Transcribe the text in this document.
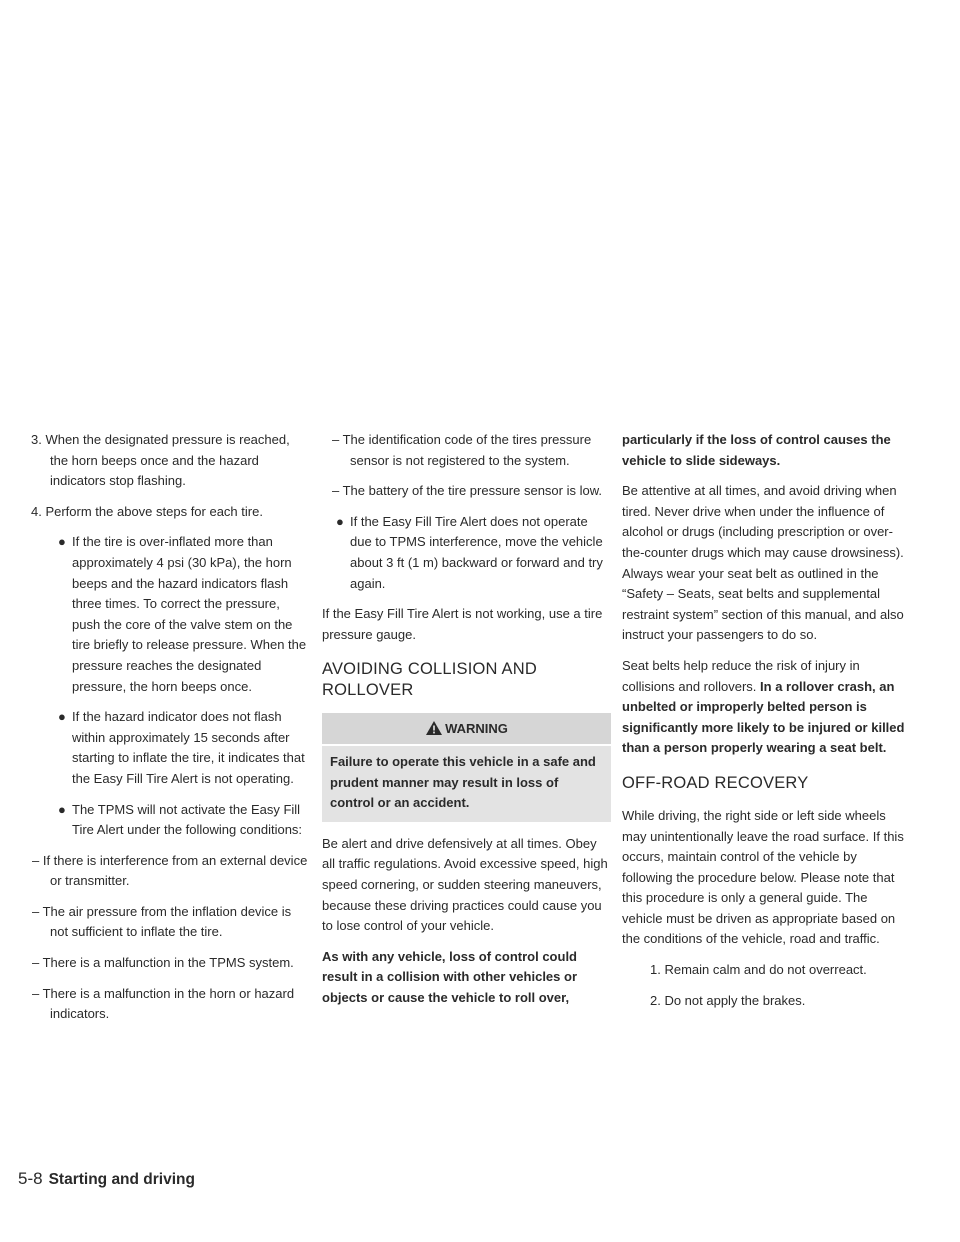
3. When the designated pressure is reached, the horn beeps once and the hazard indicators stop flashing.

4. Perform the above steps for each tire.

● If the tire is over-inflated more than approximately 4 psi (30 kPa), the horn beeps and the hazard indicators flash three times. To correct the pressure, push the core of the valve stem on the tire briefly to release pressure. When the pressure reaches the designated pressure, the horn beeps once.

● If the hazard indicator does not flash within approximately 15 seconds after starting to inflate the tire, it indicates that the Easy Fill Tire Alert is not operating.

● The TPMS will not activate the Easy Fill Tire Alert under the following conditions:

– If there is interference from an external device or transmitter.

– The air pressure from the inflation device is not sufficient to inflate the tire.

– There is a malfunction in the TPMS system.

– There is a malfunction in the horn or hazard indicators.

– The identification code of the tires pressure sensor is not registered to the system.

– The battery of the tire pressure sensor is low.

● If the Easy Fill Tire Alert does not operate due to TPMS interference, move the vehicle about 3 ft (1 m) backward or forward and try again.

If the Easy Fill Tire Alert is not working, use a tire pressure gauge.

AVOIDING COLLISION AND ROLLOVER
WARNING
Failure to operate this vehicle in a safe and prudent manner may result in loss of control or an accident.

Be alert and drive defensively at all times. Obey all traffic regulations. Avoid excessive speed, high speed cornering, or sudden steering maneuvers, because these driving practices could cause you to lose control of your vehicle.

As with any vehicle, loss of control could result in a collision with other vehicles or objects or cause the vehicle to roll over,

particularly if the loss of control causes the vehicle to slide sideways.

Be attentive at all times, and avoid driving when tired. Never drive when under the influence of alcohol or drugs (including prescription or over-the-counter drugs which may cause drowsiness). Always wear your seat belt as outlined in the “Safety – Seats, seat belts and supplemental restraint system” section of this manual, and also instruct your passengers to do so.

Seat belts help reduce the risk of injury in collisions and rollovers. In a rollover crash, an unbelted or improperly belted person is significantly more likely to be injured or killed than a person properly wearing a seat belt.

OFF-ROAD RECOVERY

While driving, the right side or left side wheels may unintentionally leave the road surface. If this occurs, maintain control of the vehicle by following the procedure below. Please note that this procedure is only a general guide. The vehicle must be driven as appropriate based on the conditions of the vehicle, road and traffic.

1. Remain calm and do not overreact.

2. Do not apply the brakes.

5-8 Starting and driving
